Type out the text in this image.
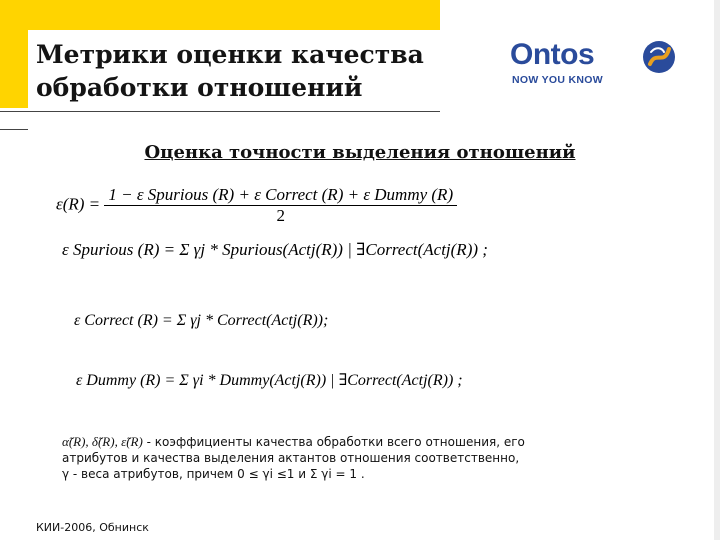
Метрики оценки качества
обработки отношений
Ontos
NOW YOU KNOW
Оценка точности выделения отношений
$\varepsilon(R) = \frac{\text{1 − ε Spurious (R) + ε Correct (R) + ε Dummy (R)}}{2}$
ε Spurious (R) = Σ γj * Spurious(Actj(R)) | ∃Correct(Actj(R)) ;
ε Correct (R) = Σ γj * Correct(Actj(R));
ε Dummy (R) = Σ γi * Dummy(Actj(R)) | ∃Correct(Actj(R)) ;
α̃(R), δ̃(R), ε̃(R) - коэффициенты качества обработки всего отношения, его
атрибутов и качества выделения актантов отношения соответственно,
γ - веса атрибутов, причем 0 ≤ γi ≤1 и Σ γi = 1 .
КИИ-2006, Обнинск
